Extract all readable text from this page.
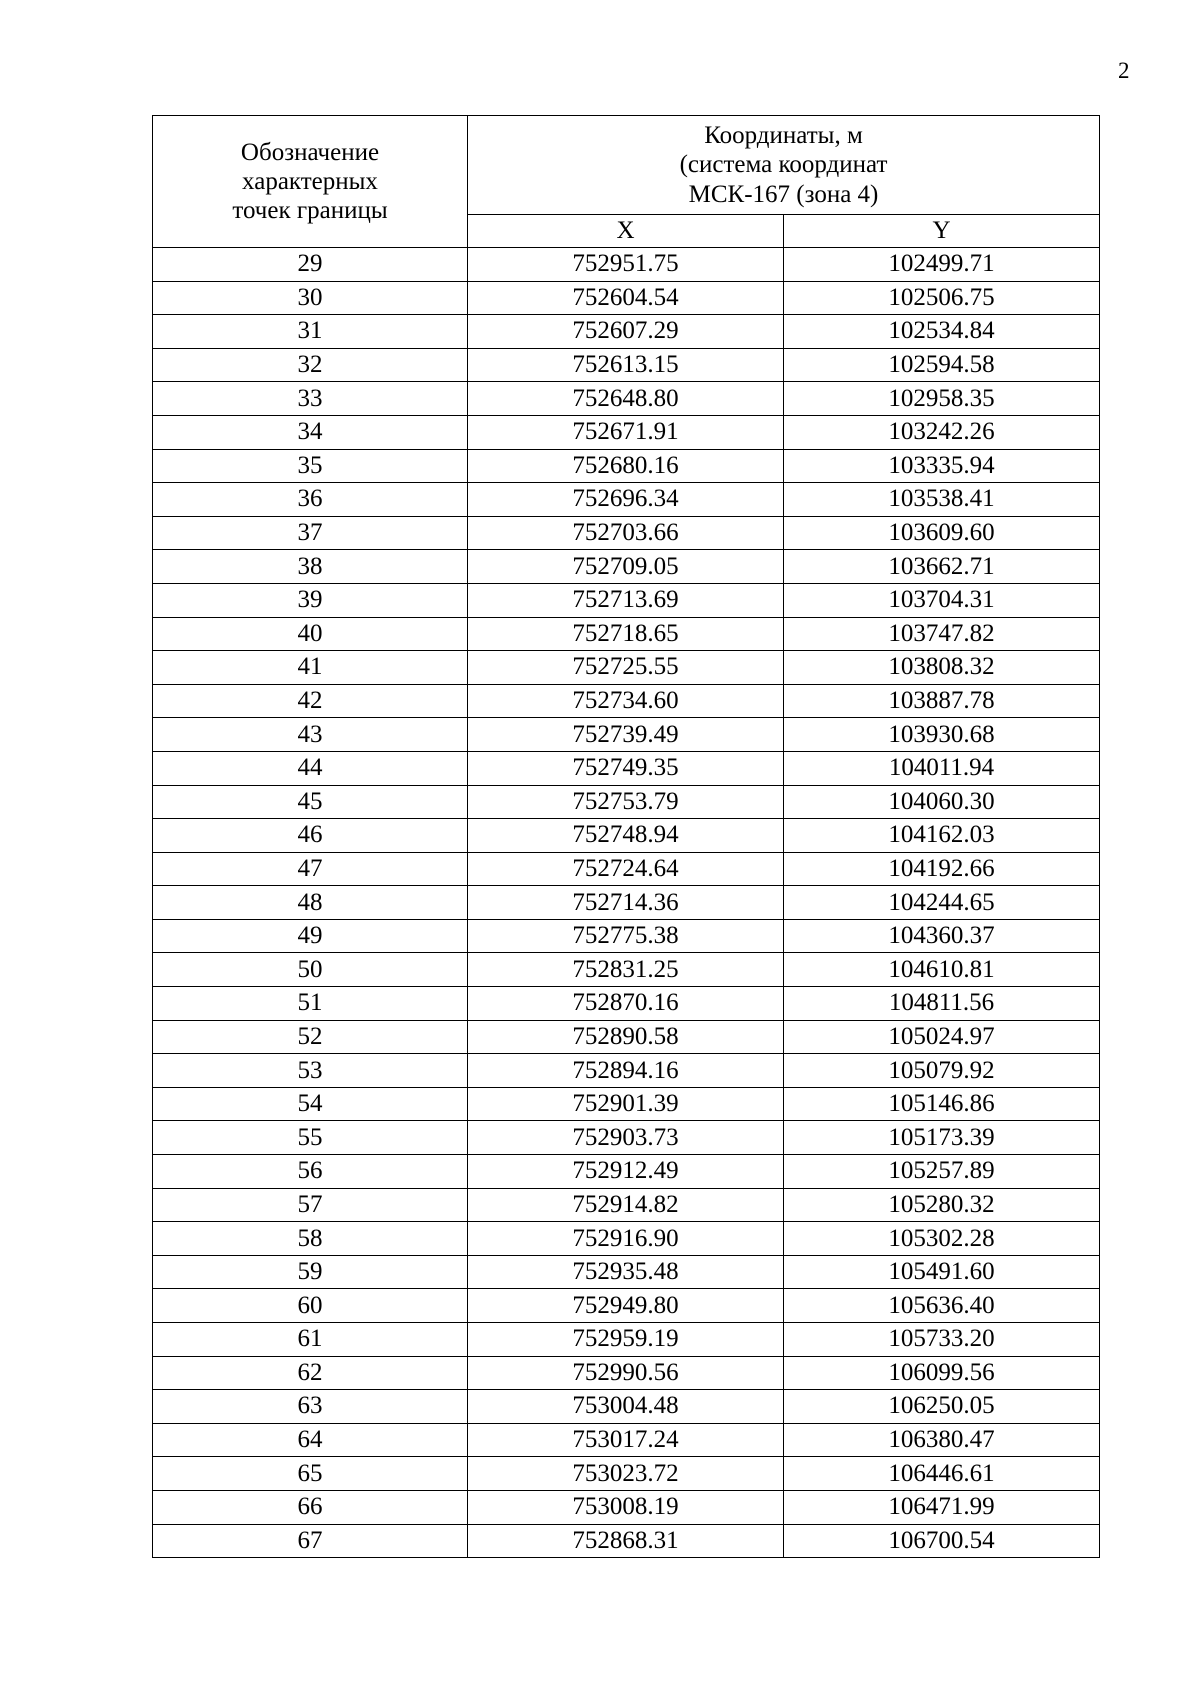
2
Обозначение
характерных
точек границы	Координаты, м
(система координат
МСК-167 (зона 4)	

	X	Y
29	752951.75	102499.71
30	752604.54	102506.75
31	752607.29	102534.84
32	752613.15	102594.58
33	752648.80	102958.35
34	752671.91	103242.26
35	752680.16	103335.94
36	752696.34	103538.41
37	752703.66	103609.60
38	752709.05	103662.71
39	752713.69	103704.31
40	752718.65	103747.82
41	752725.55	103808.32
42	752734.60	103887.78
43	752739.49	103930.68
44	752749.35	104011.94
45	752753.79	104060.30
46	752748.94	104162.03
47	752724.64	104192.66
48	752714.36	104244.65
49	752775.38	104360.37
50	752831.25	104610.81
51	752870.16	104811.56
52	752890.58	105024.97
53	752894.16	105079.92
54	752901.39	105146.86
55	752903.73	105173.39
56	752912.49	105257.89
57	752914.82	105280.32
58	752916.90	105302.28
59	752935.48	105491.60
60	752949.80	105636.40
61	752959.19	105733.20
62	752990.56	106099.56
63	753004.48	106250.05
64	753017.24	106380.47
65	753023.72	106446.61
66	753008.19	106471.99
67	752868.31	106700.54
